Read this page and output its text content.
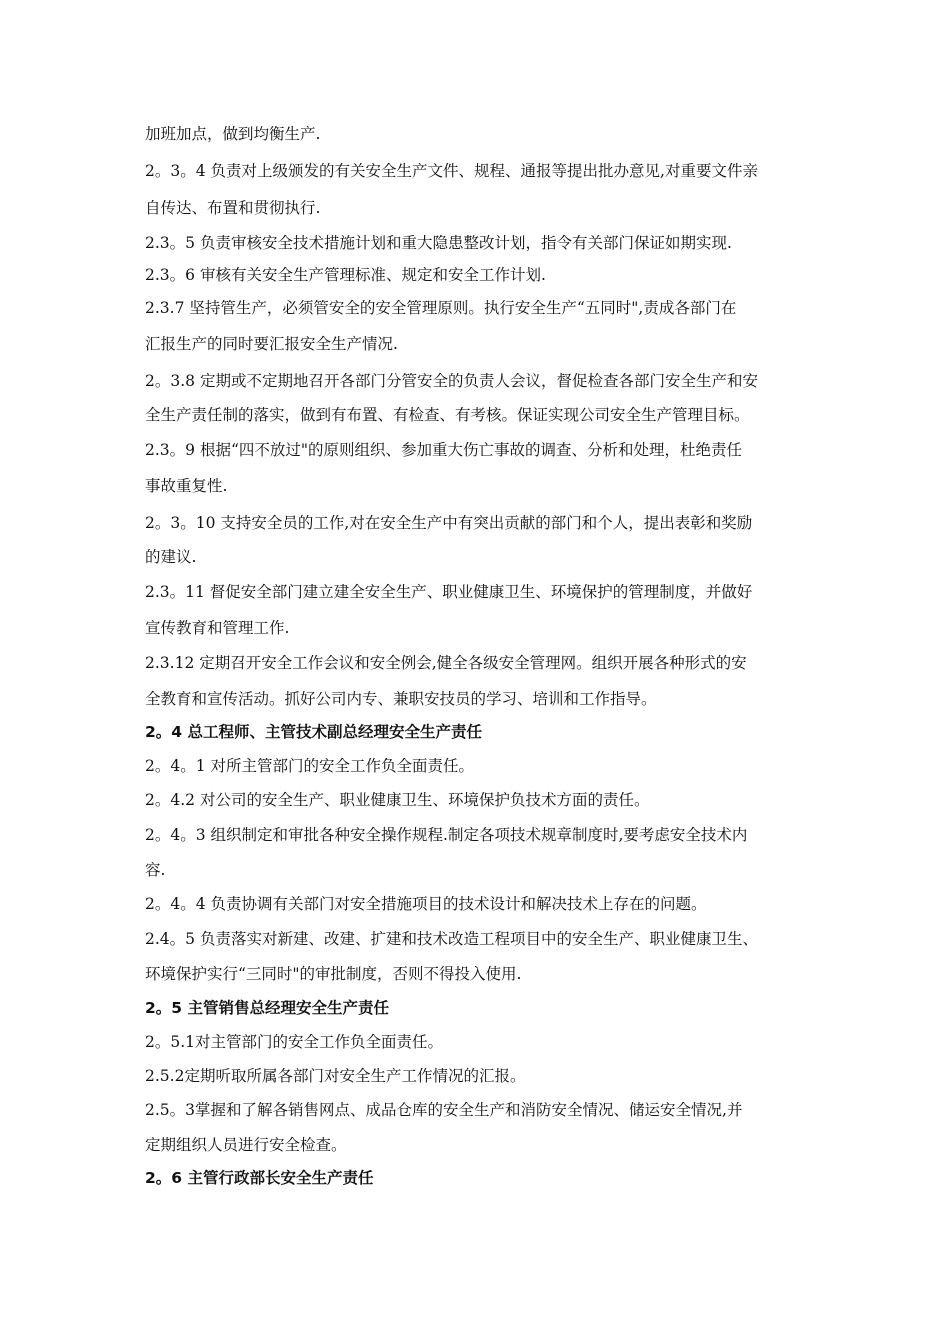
加班加点，做到均衡生产.
2。3。4 负责对上级颁发的有关安全生产文件、规程、通报等提出批办意见,对重要文件亲
自传达、布置和贯彻执行.
2.3。5 负责审核安全技术措施计划和重大隐患整改计划，指令有关部门保证如期实现.
2.3。6 审核有关安全生产管理标准、规定和安全工作计划.
2.3.7 坚持管生产，必须管安全的安全管理原则。执行安全生产“五同时",责成各部门在
汇报生产的同时要汇报安全生产情况.
2。3.8 定期或不定期地召开各部门分管安全的负责人会议，督促检查各部门安全生产和安
全生产责任制的落实，做到有布置、有检查、有考核。保证实现公司安全生产管理目标。
2.3。9 根据“四不放过"的原则组织、参加重大伤亡事故的调查、分析和处理，杜绝责任
事故重复性.
2。3。10 支持安全员的工作,对在安全生产中有突出贡献的部门和个人，提出表彰和奖励
的建议.
2.3。11 督促安全部门建立建全安全生产、职业健康卫生、环境保护的管理制度，并做好
宣传教育和管理工作.
2.3.12 定期召开安全工作会议和安全例会,健全各级安全管理网。组织开展各种形式的安
全教育和宣传活动。抓好公司内专、兼职安技员的学习、培训和工作指导。
2。4 总工程师、主管技术副总经理安全生产责任
2。4。1 对所主管部门的安全工作负全面责任。
2。4.2 对公司的安全生产、职业健康卫生、环境保护负技术方面的责任。
2。4。3 组织制定和审批各种安全操作规程.制定各项技术规章制度时,要考虑安全技术内
容.
2。4。4 负责协调有关部门对安全措施项目的技术设计和解决技术上存在的问题。
2.4。5 负责落实对新建、改建、扩建和技术改造工程项目中的安全生产、职业健康卫生、
环境保护实行“三同时"的审批制度，否则不得投入使用.
2。5 主管销售总经理安全生产责任
2。5.1对主管部门的安全工作负全面责任。
2.5.2定期听取所属各部门对安全生产工作情况的汇报。
2.5。3掌握和了解各销售网点、成品仓库的安全生产和消防安全情况、储运安全情况,并
定期组织人员进行安全检查。
2。6 主管行政部长安全生产责任
